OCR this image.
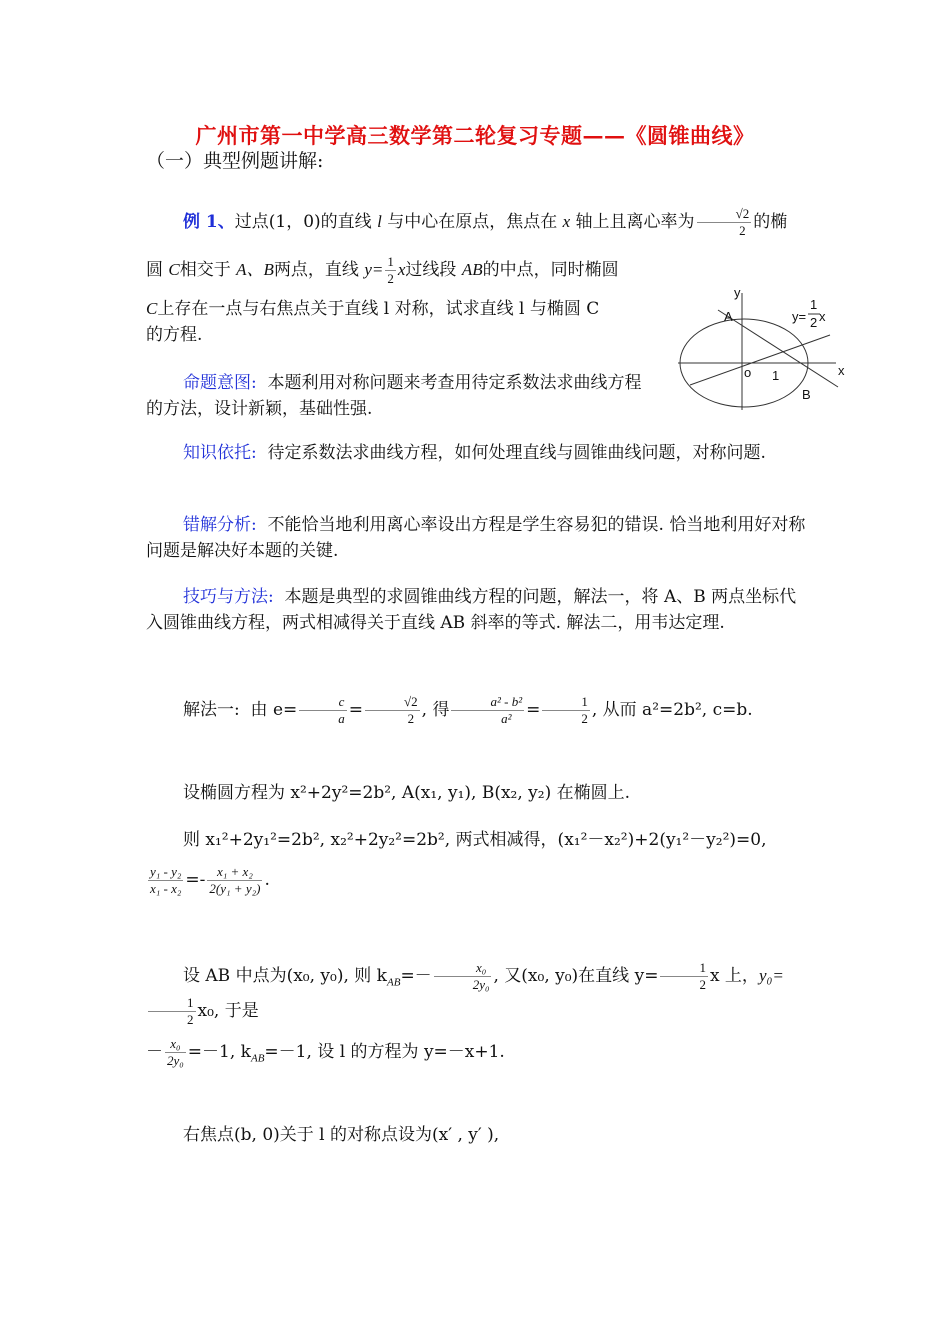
广州市第一中学高三数学第二轮复习专题——《圆锥曲线》
（一）典型例题讲解:
例 1、过点(1，0)的直线 l 与中心在原点，焦点在 x 轴上且离心率为 $\frac{√2}{2}$ 的椭
圆 C相交于 A、B两点，直线 $y= \frac{1}{2}$ x过线段 AB的中点，同时椭圆
C上存在一点与右焦点关于直线 l 对称，试求直线 l 与椭圆 C
的方程.
y
x
A
B
o 1
y=
1
2 x
命题意图: 本题利用对称问题来考查用待定系数法求曲线方程的方法，设计新颖，基础性强.
知识依托: 待定系数法求曲线方程，如何处理直线与圆锥曲线问题，对称问题.
错解分析: 不能恰当地利用离心率设出方程是学生容易犯的错误. 恰当地利用好对称问题是解决好本题的关键.
技巧与方法: 本题是典型的求圆锥曲线方程的问题，解法一，将 A、B 两点坐标代入圆锥曲线方程，两式相减得关于直线 AB 斜率的等式. 解法二，用韦达定理.
解法一: 由 $e= \frac{c}{a} = \frac{√2}{2}$ , 得 $\frac{\text{a² - b²}}{\text{a²}} = \frac{1}{2}$ , 从而 a²=2b², c=b.
设椭圆方程为 x²+2y²=2b², A(x₁, y₁), B(x₂, y₂) 在椭圆上.
则 x₁²+2y₁²=2b², x₂²+2y₂²=2b², 两式相减得，(x₁²－x₂²)+2(y₁²－y₂²)=0,
$\frac{\text{y₁ - y₂}}{\text{x₁ - x₂}} =- \frac{\text{x₁ + x₂}}{\text{2(y₁ + y₂)}}$ .
设 AB 中点为(x₀, y₀), 则 $k_{AB}=- \frac{\text{x₀}}{\text{2y₀}}$ , 又(x₀, y₀)在直线 $y= \frac{1}{2}$ x 上，y₀=
$\frac{1}{2} x_0$, 于是
－ $\frac{\text{x₀}}{\text{2y₀}} =-1$, $k_{AB}=-1$, 设 l 的方程为 y=－x+1.
右焦点(b, 0)关于 l 的对称点设为(x′ , y′ ),
